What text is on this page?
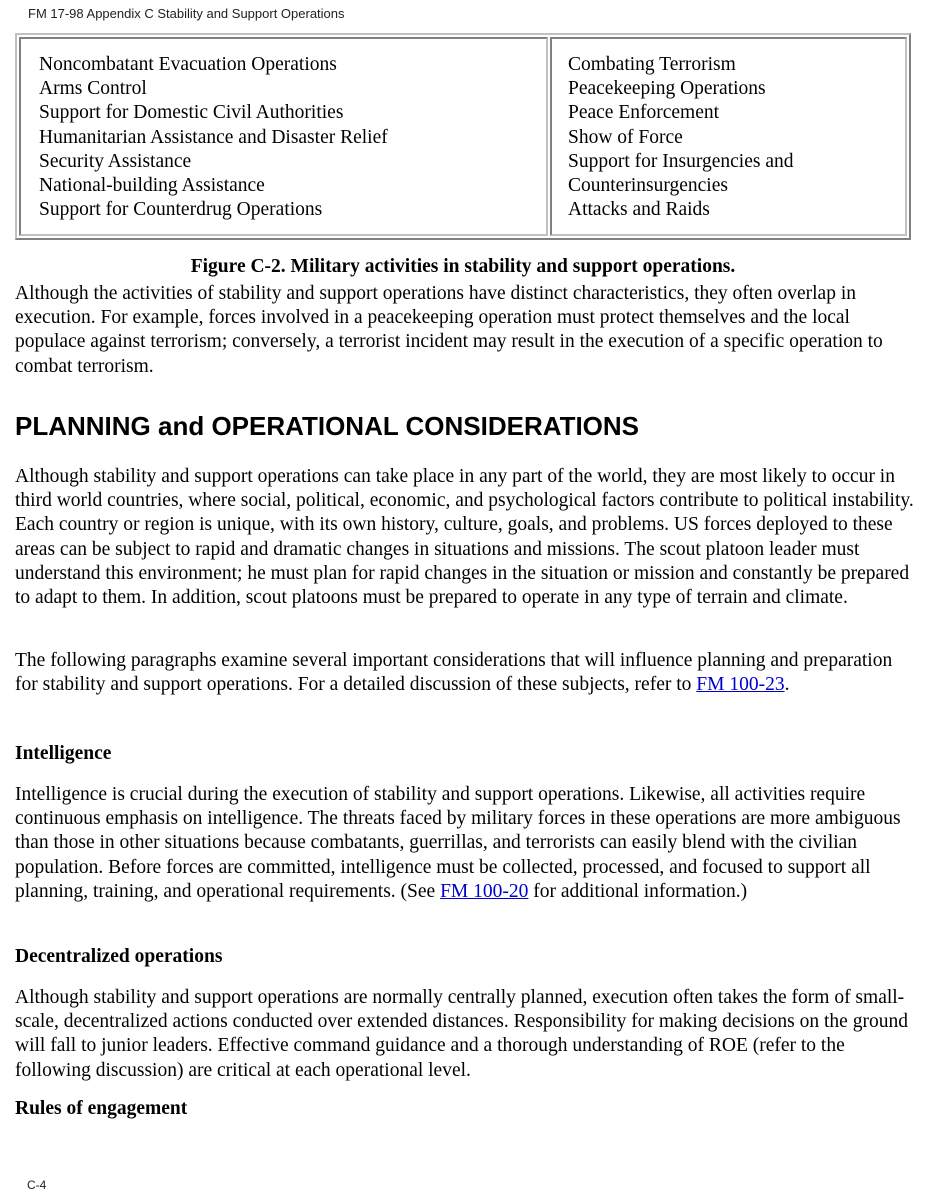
FM 17-98 Appendix C Stability and Support Operations
Noncombatant Evacuation Operations
Arms Control
Support for Domestic Civil Authorities
Humanitarian Assistance and Disaster Relief
Security Assistance
National-building Assistance
Support for Counterdrug Operations
Combating Terrorism
Peacekeeping Operations
Peace Enforcement
Show of Force
Support for Insurgencies and
Counterinsurgencies
Attacks and Raids
Figure C-2. Military activities in stability and support operations.

Although the activities of stability and support operations have distinct characteristics, they often overlap in execution. For example, forces involved in a peacekeeping operation must protect themselves and the local populace against terrorism; conversely, a terrorist incident may result in the execution of a specific operation to combat terrorism.

PLANNING and OPERATIONAL CONSIDERATIONS

Although stability and support operations can take place in any part of the world, they are most likely to occur in third world countries, where social, political, economic, and psychological factors contribute to political instability. Each country or region is unique, with its own history, culture, goals, and problems. US forces deployed to these areas can be subject to rapid and dramatic changes in situations and missions. The scout platoon leader must understand this environment; he must plan for rapid changes in the situation or mission and constantly be prepared to adapt to them. In addition, scout platoons must be prepared to operate in any type of terrain and climate.

The following paragraphs examine several important considerations that will influence planning and preparation for stability and support operations. For a detailed discussion of these subjects, refer to FM 100-23.

Intelligence

Intelligence is crucial during the execution of stability and support operations. Likewise, all activities require continuous emphasis on intelligence. The threats faced by military forces in these operations are more ambiguous than those in other situations because combatants, guerrillas, and terrorists can easily blend with the civilian population. Before forces are committed, intelligence must be collected, processed, and focused to support all planning, training, and operational requirements. (See FM 100-20 for additional information.)

Decentralized operations

Although stability and support operations are normally centrally planned, execution often takes the form of small-scale, decentralized actions conducted over extended distances. Responsibility for making decisions on the ground will fall to junior leaders. Effective command guidance and a thorough understanding of ROE (refer to the following discussion) are critical at each operational level.

Rules of engagement
C-4
